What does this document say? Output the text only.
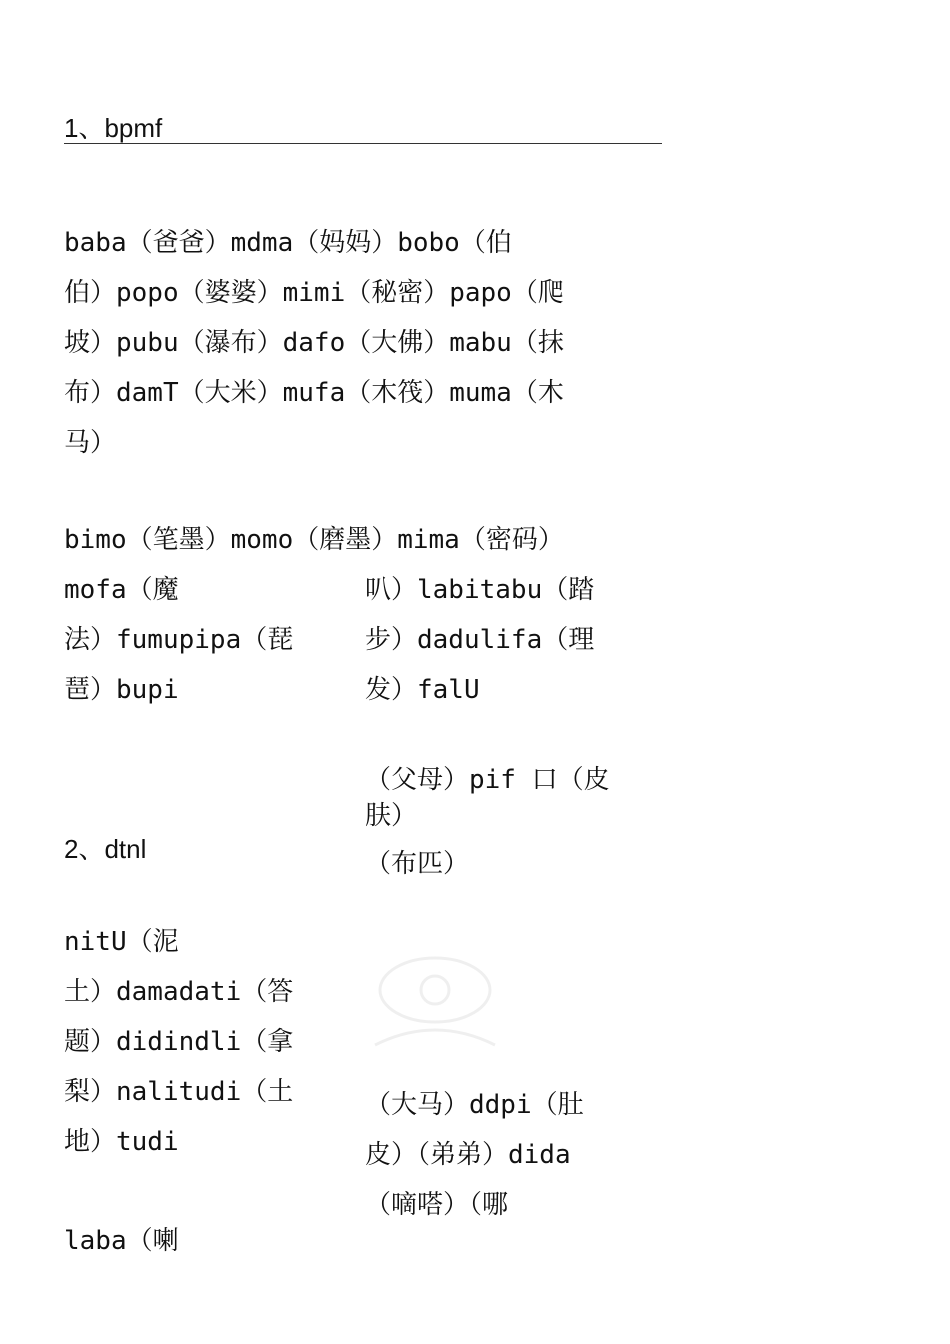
1、bpmf
baba（爸爸）mdma（妈妈）bobo（伯
伯）popo（婆婆）mimi（秘密）papo（爬
坡）pubu（瀑布）dafo（大佛）mabu（抹
布）damT（大米）mufa（木筏）muma（木
马）
bimo（笔墨）momo（磨墨）mima（密码）
mofa（魔
法）fumupipa（琵
琶）bupi
叭）labitabu（踏
步）dadulifa（理
发）falU
（父母）pif 口（皮
肤）
（布匹）
2、dtnl
nitU（泥
土）damadati（答
题）didindli（拿
梨）nalitudi（土
地）tudi
（大马）ddpi（肚
皮）（弟弟）dida
（嘀嗒）（哪
laba（喇
